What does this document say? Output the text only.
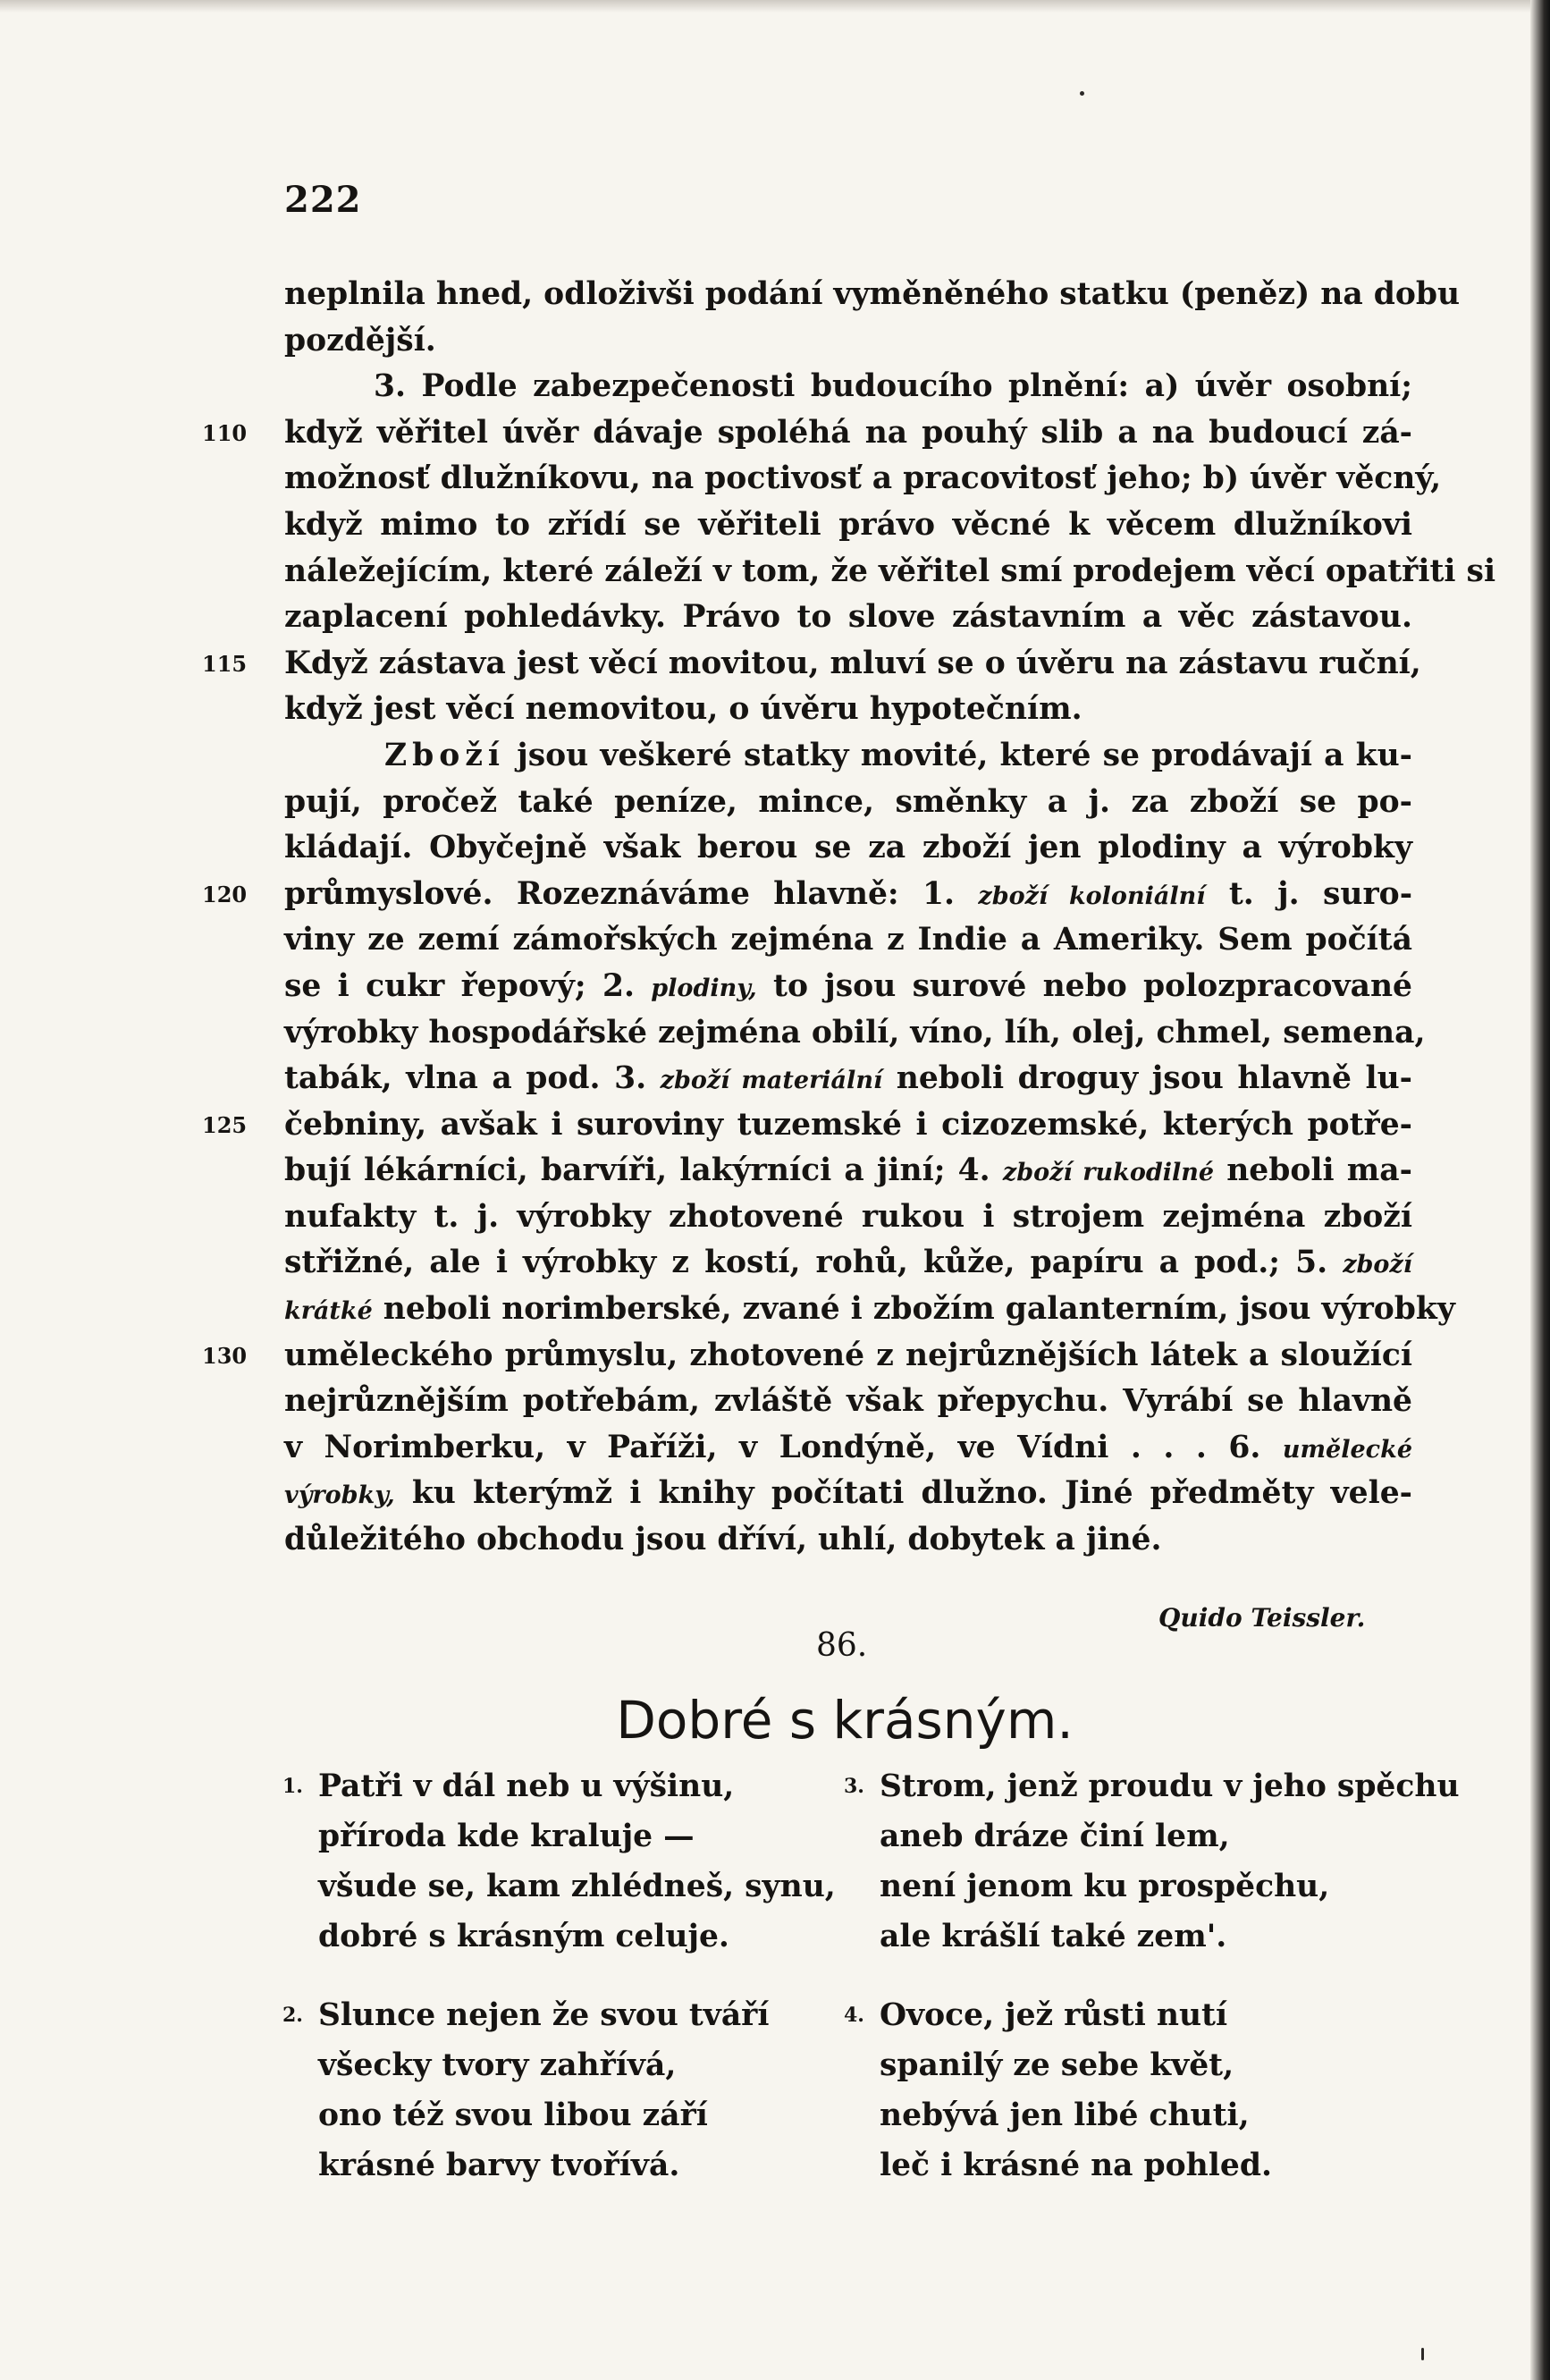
222
neplnila hned, odloživši podání vyměněného statku (peněz) na dobu
pozdější.
3. Podle zabezpečenosti budoucího plnění: a) úvěr osobní;
110 když věřitel úvěr dávaje spoléhá na pouhý slib a na budoucí zá-
možnosť dlužníkovu, na poctivosť a pracovitosť jeho; b) úvěr věcný,
když mimo to zřídí se věřiteli právo věcné k věcem dlužníkovi
náležejícím, které záleží v tom, že věřitel smí prodejem věcí opatřiti si
zaplacení pohledávky. Právo to slove zástavním a věc zástavou.
115 Když zástava jest věcí movitou, mluví se o úvěru na zástavu ruční,
když jest věcí nemovitou, o úvěru hypotečním.
Zboží jsou veškeré statky movité, které se prodávají a ku-
pují, pročež také peníze, mince, směnky a j. za zboží se po-
kládají. Obyčejně však berou se za zboží jen plodiny a výrobky
120 průmyslové. Rozeznáváme hlavně: 1. zboží koloniální t. j. suro-
viny ze zemí zámořských zejména z Indie a Ameriky. Sem počítá
se i cukr řepový; 2. plodiny, to jsou surové nebo polozpracované
výrobky hospodářské zejména obilí, víno, líh, olej, chmel, semena,
tabák, vlna a pod. 3. zboží materiální neboli droguy jsou hlavně lu-
125 čebniny, avšak i suroviny tuzemské i cizozemské, kterých potře-
bují lékárníci, barvíři, lakýrníci a jiní; 4. zboží rukodilné neboli ma-
nufakty t. j. výrobky zhotovené rukou i strojem zejména zboží
střižné, ale i výrobky z kostí, rohů, kůže, papíru a pod.; 5. zboží
krátké neboli norimberské, zvané i zbožím galanterním, jsou výrobky
130 uměleckého průmyslu, zhotovené z nejrůznějších látek a sloužící
nejrůznějším potřebám, zvláště však přepychu. Vyrábí se hlavně
v Norimberku, v Paříži, v Londýně, ve Vídni . . . 6. umělecké
výrobky, ku kterýmž i knihy počítati dlužno. Jiné předměty vele-
důležitého obchodu jsou dříví, uhlí, dobytek a jiné.
Quido Teissler.
86.
Dobré s krásným.
1. Patři v dál neb u výšinu,
příroda kde kraluje —
všude se, kam zhlédneš, synu,
dobré s krásným celuje.
2. Slunce nejen že svou tváří
všecky tvory zahřívá,
ono též svou libou září
krásné barvy tvořívá.
3. Strom, jenž proudu v jeho spěchu
aneb dráze činí lem,
není jenom ku prospěchu,
ale krášlí také zem'.
4. Ovoce, jež růsti nutí
spanilý ze sebe květ,
nebývá jen libé chuti,
leč i krásné na pohled.
